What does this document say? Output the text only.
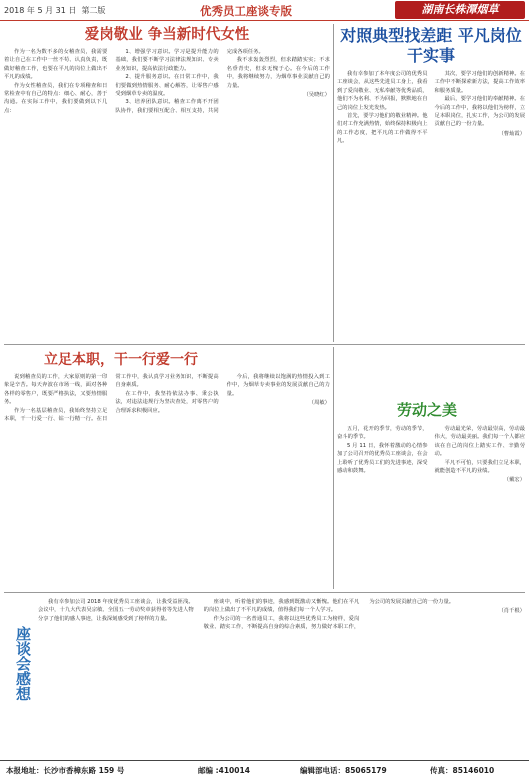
2018 年 5 月 31 日 第二版	优秀员工座谈专版	湖南长株潭烟草
爱岗敬业 争当新时代女性

作为一名为数不多的女稽查员，我需要着让自己在工作中一丝不苟、认真负责，既做好稽查工作，也要在平凡的岗位上做出不平凡的成绩。

作为女性稽查员，我们在专项稽查和日常检查中有自己的特点：细心、耐心，善于沟通。在实际工作中，我们要做到以下几点：

1、增强学习意识。学习是提升能力的基础，我们要不断学习法律法规知识、专卖业务知识，提高依法行政能力。

2、提升服务意识。在日常工作中，我们要做到热情服务、耐心解答，让零售户感受到烟草专卖的温度。

3、培养团队意识。稽查工作离不开团队协作，我们要相互配合、相互支持，共同完成各项任务。

我不求轰轰烈烈，但求踏踏实实；不求名垂青史，但求无愧于心。在今后的工作中，我将继续努力，为烟草事业贡献自己的力量。

（吴晓红）
对照典型找差距 平凡岗位干实事

我有幸参加了本年度公司的优秀员工座谈会，从这些先进员工身上，我看到了爱岗敬业、无私奉献等优秀品质，他们不为名利、不为回报，默默地在自己的岗位上发光发热。

首先，要学习他们的敬业精神。他们对工作充满热情，始终保持积极向上的工作态度，把平凡的工作做得不平凡。

其次，要学习他们的创新精神。在工作中不断探索新方法，提高工作效率和服务质量。

最后，要学习他们的奉献精神。在今后的工作中，我将以他们为榜样，立足本职岗位，扎实工作，为公司的发展贡献自己的一份力量。

（曹灿霞）
立足本职，干一行爱一行

说到稽查员的工作，大家原则的第一印象是辛苦。每天奔波在市场一线，面对各种各样的零售户，既要严格执法，又要热情服务。

作为一名基层稽查员，我始终坚持立足本职，干一行爱一行、钻一行精一行。在日常工作中，我认真学习业务知识，不断提高自身素质。

在工作中，我坚持依法办事、秉公执法，对违法违规行为坚决查处，对零售户的合理诉求积极回应。

今后，我将继续以饱满的热情投入到工作中，为烟草专卖事业的发展贡献自己的力量。

（周敏）	劳动之美

五月，花开的季节，劳动的季节，奋斗的季节。

5 月 11 日，我怀着激动的心情参加了公司召开的优秀员工座谈会，在会上聆听了优秀员工们的先进事迹，深受感动和鼓舞。

劳动最光荣，劳动最崇高，劳动最伟大，劳动最美丽。我们每一个人都应该在自己的岗位上踏实工作、辛勤劳动。

平凡不可怕，只要我们立足本职，就能创造不平凡的业绩。

（戴宏）
座谈会感想

我有幸参加公司 2018 年度优秀员工座谈会，让我受益匪浅。会议中，十九大代表吴宗敏、全国五一劳动奖章获得者等先进人物分享了他们的感人事迹，让我深刻感受到了榜样的力量。

座谈中，听着他们的事迹，我感到既激动又惭愧。他们在平凡的岗位上做出了不平凡的成绩，值得我们每一个人学习。

作为公司的一名普通员工，我将以这些优秀员工为榜样，爱岗敬业、踏实工作，不断提高自身的综合素质，努力做好本职工作，为公司的发展贡献自己的一份力量。

（肖千根）
本报地址：长沙市香樟东路 159 号	邮编 :410014	编辑部电话：85065179	传真：85146010
